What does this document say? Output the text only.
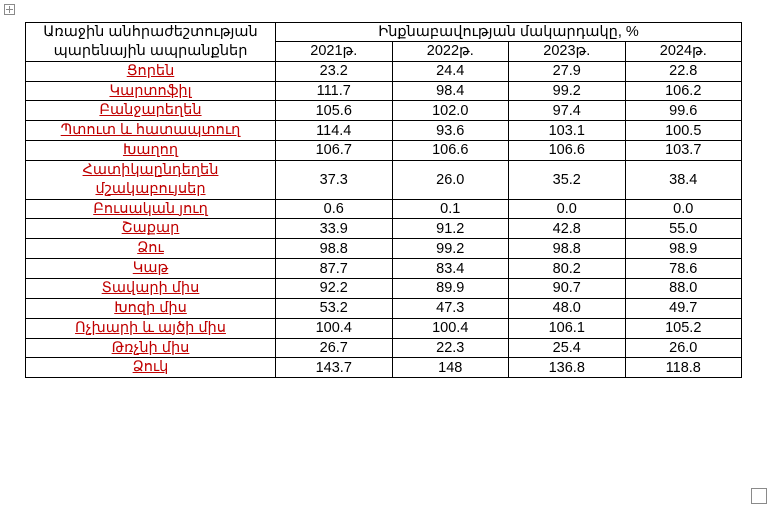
Առաջին անհրաժեշտության պարենային ապրանքներ	Ինքնաբավության մակարդակը, %			
	2021թ.	2022թ.	2023թ.	2024թ.
Ցորեն	23.2	24.4	27.9	22.8
Կարտոֆիլ	111.7	98.4	99.2	106.2
Բանջարեղեն	105.6	102.0	97.4	99.6
Պտուտ և հատապտուղ	114.4	93.6	103.1	100.5
Խաղող	106.7	106.6	106.6	103.7
Հատիկաընդեղեն մշակաբույսեր	37.3	26.0	35.2	38.4
Բուսական յուղ	0.6	0.1	0.0	0.0
Շաքար	33.9	91.2	42.8	55.0
Ձու	98.8	99.2	98.8	98.9
Կաթ	87.7	83.4	80.2	78.6
Տավարի միս	92.2	89.9	90.7	88.0
Խոզի միս	53.2	47.3	48.0	49.7
Ոչխարի և այծի միս	100.4	100.4	106.1	105.2
Թռչնի միս	26.7	22.3	25.4	26.0
Ձուկ	143.7	148	136.8	118.8
